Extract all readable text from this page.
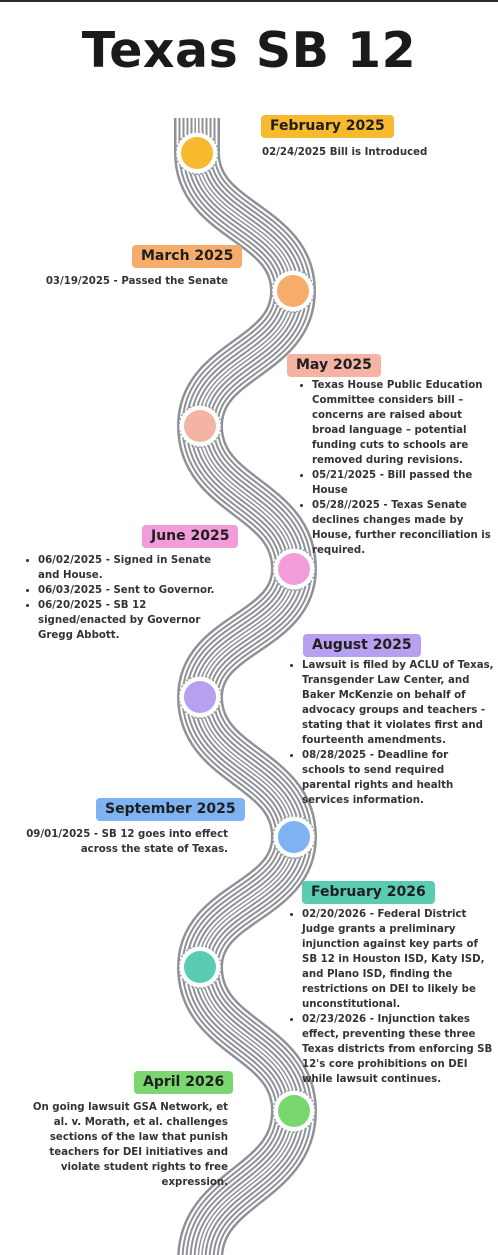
Texas SB 12
February 2025
02/24/2025 Bill is Introduced
March 2025
03/19/2025 - Passed the Senate
May 2025
• Texas House Public Education Committee considers bill – concerns are raised about broad language – potential funding cuts to schools are removed during revisions.
• 05/21/2025 - Bill passed the House
• 05/28//2025 - Texas Senate declines changes made by House, further reconciliation is required.
June 2025
• 06/02/2025 - Signed in Senate and House.
• 06/03/2025 - Sent to Governor.
• 06/20/2025 - SB 12 signed/enacted by Governor Gregg Abbott.
August 2025
• Lawsuit is filed by ACLU of Texas, Transgender Law Center, and Baker McKenzie on behalf of advocacy groups and teachers - stating that it violates first and fourteenth amendments.
• 08/28/2025 - Deadline for schools to send required parental rights and health services information.
September 2025
09/01/2025 - SB 12 goes into effect across the state of Texas.
February 2026
• 02/20/2026 - Federal District Judge grants a preliminary injunction against key parts of SB 12 in Houston ISD, Katy ISD, and Plano ISD, finding the restrictions on DEI to likely be unconstitutional.
• 02/23/2026 - Injunction takes effect, preventing these three Texas districts from enforcing SB 12's core prohibitions on DEI while lawsuit continues.
April 2026
On going lawsuit GSA Network, et al. v. Morath, et al. challenges sections of the law that punish teachers for DEI initiatives and violate student rights to free expression.
